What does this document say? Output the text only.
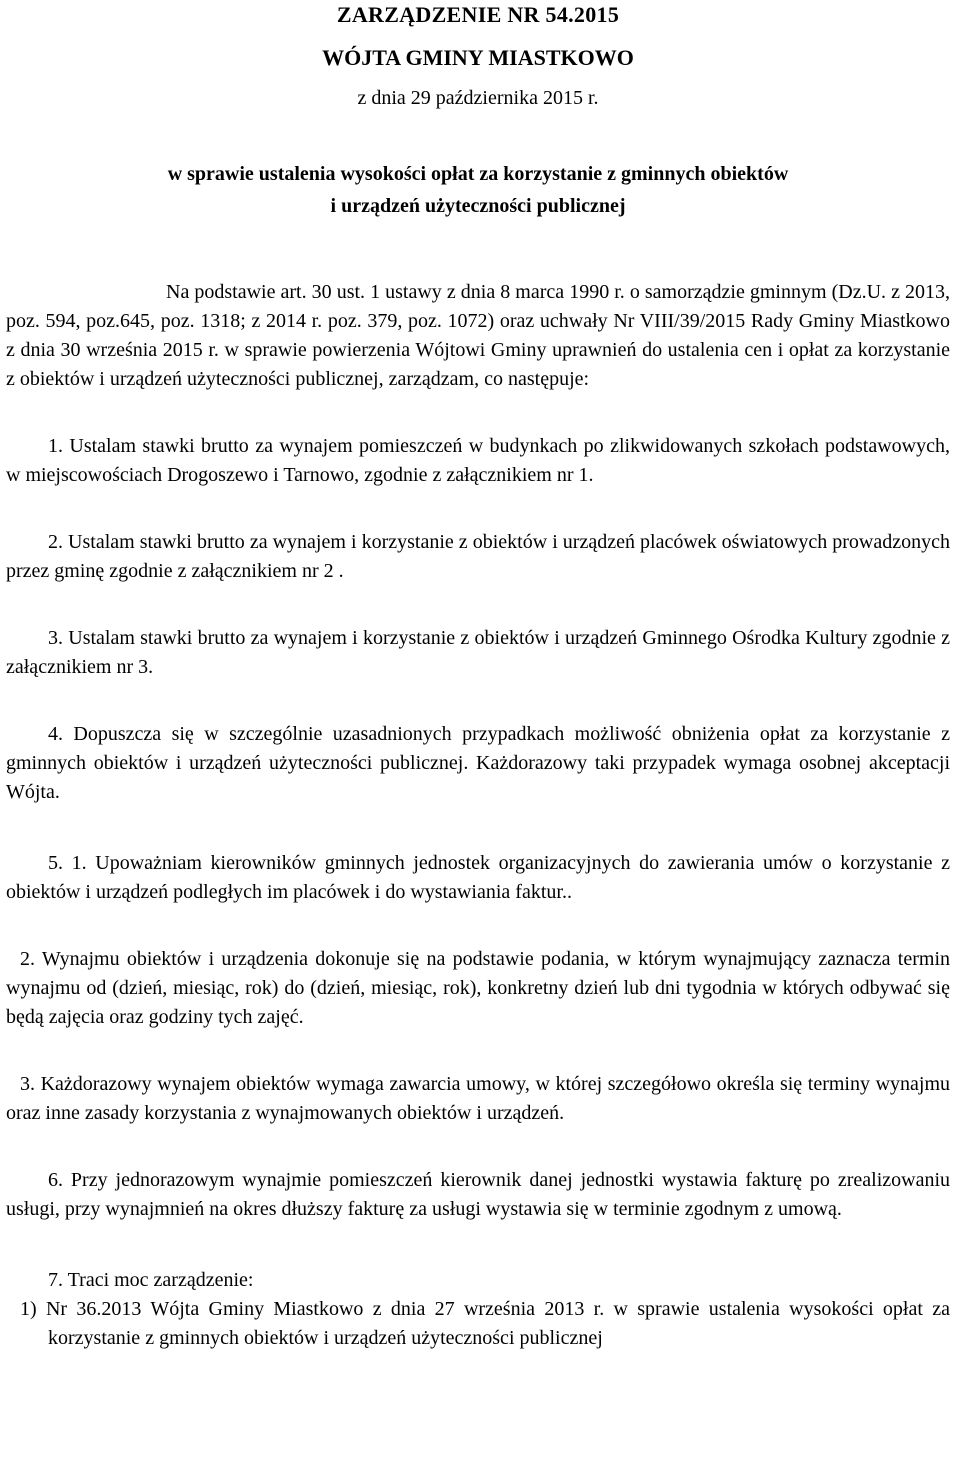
ZARZĄDZENIE NR 54.2015
WÓJTA GMINY MIASTKOWO
z dnia 29 października 2015 r.
w sprawie ustalenia wysokości opłat za korzystanie z gminnych obiektów
i urządzeń użyteczności publicznej

Na podstawie art. 30 ust. 1 ustawy z dnia 8 marca 1990 r. o samorządzie gminnym (Dz.U. z 2013, poz. 594, poz.645, poz. 1318; z 2014 r. poz. 379, poz. 1072) oraz uchwały Nr VIII/39/2015 Rady Gminy Miastkowo z dnia 30 września 2015 r. w sprawie powierzenia Wójtowi Gminy uprawnień do ustalenia cen i opłat za korzystanie z obiektów i urządzeń użyteczności publicznej, zarządzam, co następuje:

1. Ustalam stawki brutto za wynajem pomieszczeń w budynkach po zlikwidowanych szkołach podstawowych, w miejscowościach Drogoszewo i Tarnowo, zgodnie z załącznikiem nr 1.

2. Ustalam stawki brutto za wynajem i korzystanie z obiektów i urządzeń placówek oświatowych prowadzonych przez gminę zgodnie z załącznikiem nr 2 .

3. Ustalam stawki brutto za wynajem i korzystanie z obiektów i urządzeń Gminnego Ośrodka Kultury zgodnie z załącznikiem nr 3.

4. Dopuszcza się w szczególnie uzasadnionych przypadkach możliwość obniżenia opłat za korzystanie z gminnych obiektów i urządzeń użyteczności publicznej. Każdorazowy taki przypadek wymaga osobnej akceptacji Wójta.

5. 1. Upoważniam kierowników gminnych jednostek organizacyjnych do zawierania umów o korzystanie z obiektów i urządzeń podległych im placówek i do wystawiania faktur..

2. Wynajmu obiektów i urządzenia dokonuje się na podstawie podania, w którym wynajmujący zaznacza termin wynajmu od (dzień, miesiąc, rok) do (dzień, miesiąc, rok), konkretny dzień lub dni tygodnia w których odbywać się będą zajęcia oraz godziny tych zajęć.

3. Każdorazowy wynajem obiektów wymaga zawarcia umowy, w której szczegółowo określa się terminy wynajmu oraz inne zasady korzystania z wynajmowanych obiektów i urządzeń.

6. Przy jednorazowym wynajmie pomieszczeń kierownik danej jednostki wystawia fakturę po zrealizowaniu usługi, przy wynajmnień na okres dłuższy fakturę za usługi wystawia się w terminie zgodnym z umową.

7. Traci moc zarządzenie:

1) Nr 36.2013 Wójta Gminy Miastkowo z dnia 27 września 2013 r. w sprawie ustalenia wysokości opłat za korzystanie z gminnych obiektów i urządzeń użyteczności publicznej
